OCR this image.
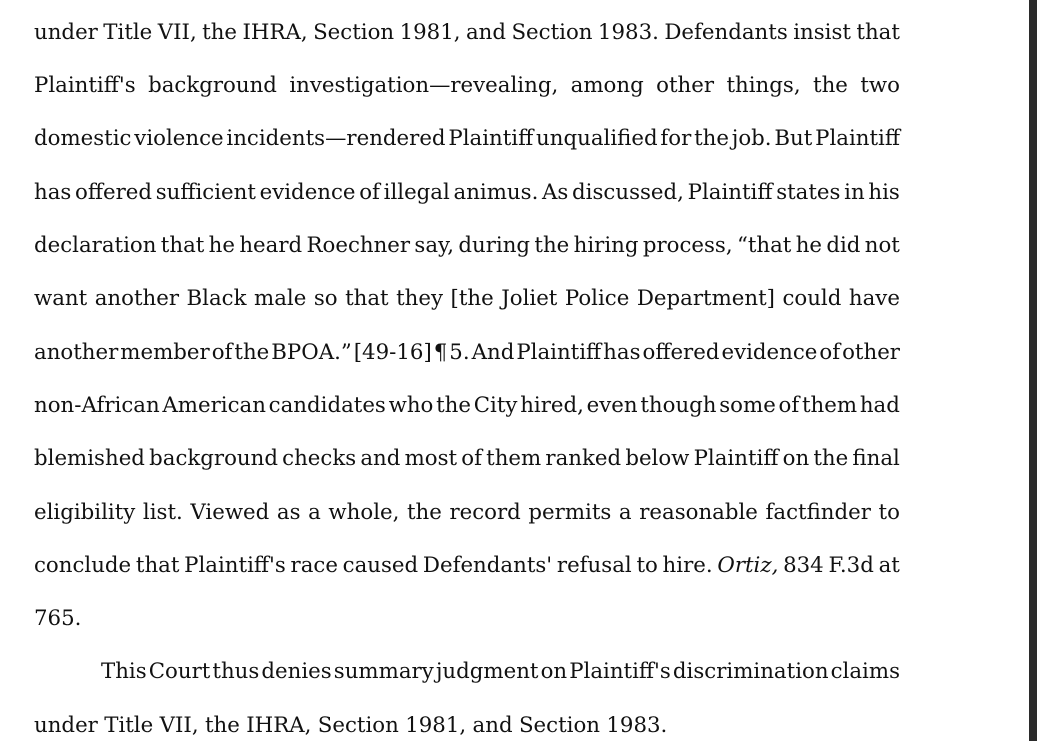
under Title VII, the IHRA, Section 1981, and Section 1983. Defendants insist that
Plaintiff's background investigation—revealing, among other things, the two
domestic violence incidents—rendered Plaintiff unqualified for the job. But Plaintiff
has offered sufficient evidence of illegal animus. As discussed, Plaintiff states in his
declaration that he heard Roechner say, during the hiring process, “that he did not
want another Black male so that they [the Joliet Police Department] could have
another member of the BPOA.” [49-16] ¶ 5. And Plaintiff has offered evidence of other
non-African American candidates who the City hired, even though some of them had
blemished background checks and most of them ranked below Plaintiff on the final
eligibility list. Viewed as a whole, the record permits a reasonable factfinder to
conclude that Plaintiff's race caused Defendants' refusal to hire. Ortiz, 834 F.3d at
765.
This Court thus denies summary judgment on Plaintiff's discrimination claims
under Title VII, the IHRA, Section 1981, and Section 1983.
